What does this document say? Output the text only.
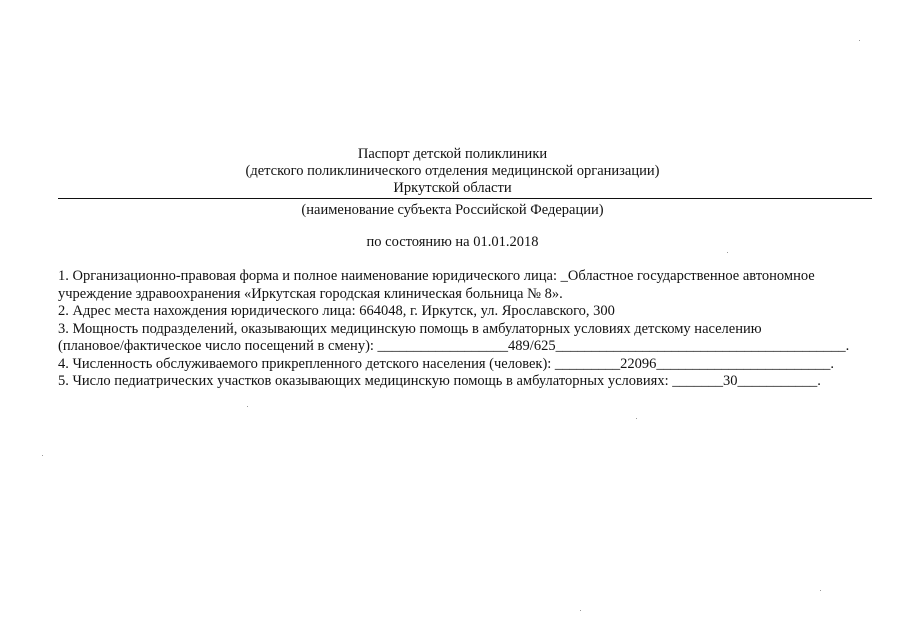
Паспорт детской поликлиники
(детского поликлинического отделения медицинской организации)
Иркутской области
(наименование субъекта Российской Федерации)
по состоянию на 01.01.2018
1. Организационно-правовая форма и полное наименование юридического лица: _Областное государственное автономное
учреждение здравоохранения «Иркутская городская клиническая больница № 8».
2. Адрес места нахождения юридического лица: 664048, г. Иркутск, ул. Ярославского, 300
3. Мощность подразделений, оказывающих медицинскую помощь в амбулаторных условиях детскому населению
(плановое/фактическое число посещений в смену): __________________489/625________________________________________.
4. Численность обслуживаемого прикрепленного детского населения (человек): _________22096________________________.
5. Число педиатрических участков оказывающих медицинскую помощь в амбулаторных условиях: _______30___________.
